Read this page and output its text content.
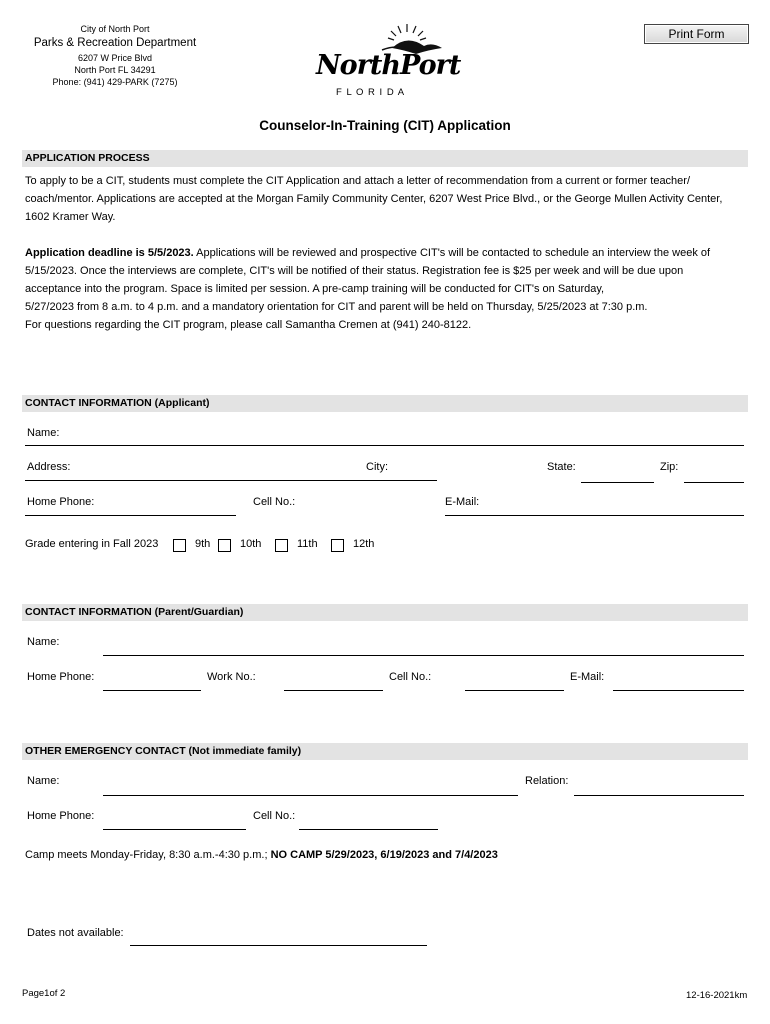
City of North Port
Parks & Recreation Department
6207 W Price Blvd
North Port FL 34291
Phone: (941) 429-PARK (7275)
NorthPort
F L O R I D A
Print Form
Counselor-In-Training (CIT) Application
APPLICATION PROCESS
To apply to be a CIT, students must complete the CIT Application and attach a letter of recommendation from a current or former teacher/ coach/mentor. Applications are accepted at the Morgan Family Community Center, 6207 West Price Blvd., or the George Mullen Activity Center, 1602 Kramer Way.
Application deadline is 5/5/2023. Applications will be reviewed and prospective CIT's will be contacted to schedule an interview the week of
5/15/2023. Once the interviews are complete, CIT's will be notified of their status. Registration fee is $25 per week and will be due upon
acceptance into the program. Space is limited per session. A pre-camp training will be conducted for CIT's on Saturday,
5/27/2023 from 8 a.m. to 4 p.m. and a mandatory orientation for CIT and parent will be held on Thursday, 5/25/2023 at 7:30 p.m.
For questions regarding the CIT program, please call Samantha Cremen at (941) 240-8122.
CONTACT INFORMATION (Applicant)
Name:
Address:	City:	State:	Zip:
Home Phone:	Cell No.:	E-Mail:
Grade entering in Fall 2023	9th	10th	11th	12th
CONTACT INFORMATION (Parent/Guardian)
Name:
Home Phone:	Work No.:	Cell No.:	E-Mail:
OTHER EMERGENCY CONTACT (Not immediate family)
Name:	Relation:
Home Phone:	Cell No.:
Camp meets Monday-Friday, 8:30 a.m.-4:30 p.m.; NO CAMP 5/29/2023, 6/19/2023 and 7/4/2023
Dates not available:
Page1of 2	12-16-2021km
